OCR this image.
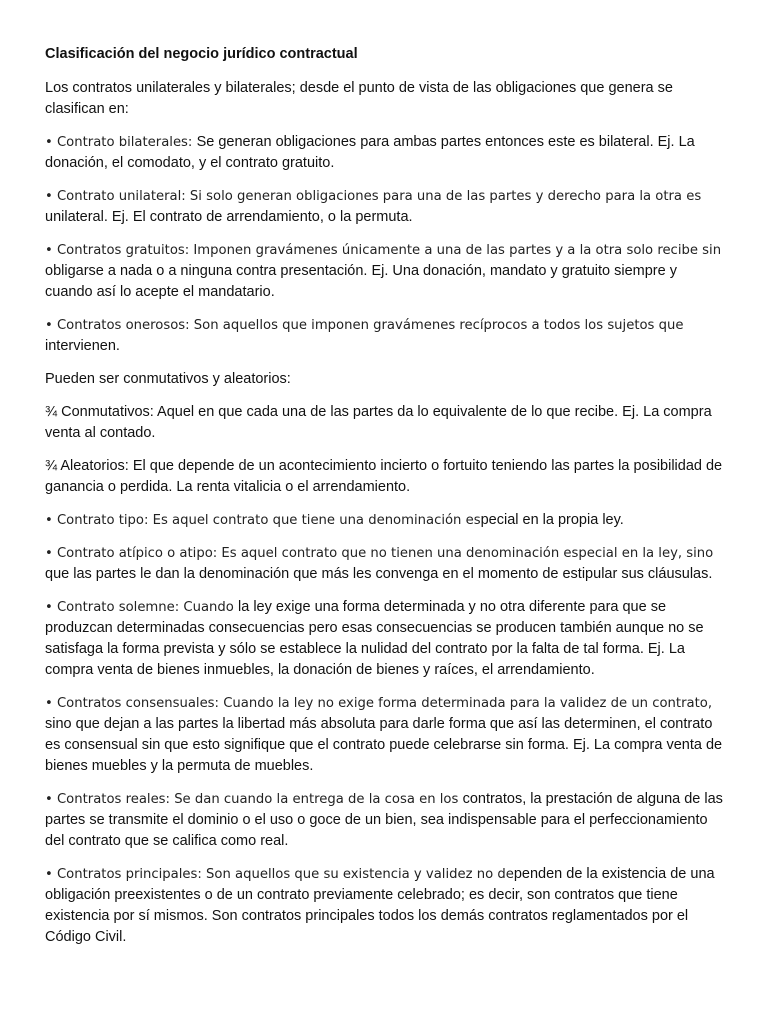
Clasificación del negocio jurídico contractual

Los contratos unilaterales y bilaterales; desde el punto de vista de las obligaciones que genera se clasifican en:

• Contrato bilaterales: Se generan obligaciones para ambas partes entonces este es bilateral. Ej. La donación, el comodato, y el contrato gratuito.

• Contrato unilateral: Si solo generan obligaciones para una de las partes y derecho para la otra es unilateral. Ej. El contrato de arrendamiento, o la permuta.

• Contratos gratuitos: Imponen gravámenes únicamente a una de las partes y a la otra solo recibe sin obligarse a nada o a ninguna contra presentación. Ej. Una donación, mandato y gratuito siempre y cuando así lo acepte el mandatario.

• Contratos onerosos: Son aquellos que imponen gravámenes recíprocos a todos los sujetos que intervienen.

Pueden ser conmutativos y aleatorios:

¾ Conmutativos: Aquel en que cada una de las partes da lo equivalente de lo que recibe. Ej. La compra venta al contado.

¾ Aleatorios: El que depende de un acontecimiento incierto o fortuito teniendo las partes la posibilidad de ganancia o perdida. La renta vitalicia o el arrendamiento.

• Contrato tipo: Es aquel contrato que tiene una denominación especial en la propia ley.

• Contrato atípico o atipo: Es aquel contrato que no tienen una denominación especial en la ley, sino que las partes le dan la denominación que más les convenga en el momento de estipular sus cláusulas.

• Contrato solemne: Cuando la ley exige una forma determinada y no otra diferente para que se produzcan determinadas consecuencias pero esas consecuencias se producen también aunque no se satisfaga la forma prevista y sólo se establece la nulidad del contrato por la falta de tal forma. Ej. La compra venta de bienes inmuebles, la donación de bienes y raíces, el arrendamiento.

• Contratos consensuales: Cuando la ley no exige forma determinada para la validez de un contrato, sino que dejan a las partes la libertad más absoluta para darle forma que así las determinen, el contrato es consensual sin que esto signifique que el contrato puede celebrarse sin forma. Ej. La compra venta de bienes muebles y la permuta de muebles.

• Contratos reales: Se dan cuando la entrega de la cosa en los contratos, la prestación de alguna de las partes se transmite el dominio o el uso o goce de un bien, sea indispensable para el perfeccionamiento del contrato que se califica como real.

• Contratos principales: Son aquellos que su existencia y validez no dependen de la existencia de una obligación preexistentes o de un contrato previamente celebrado; es decir, son contratos que tiene existencia por sí mismos. Son contratos principales todos los demás contratos reglamentados por el Código Civil.
